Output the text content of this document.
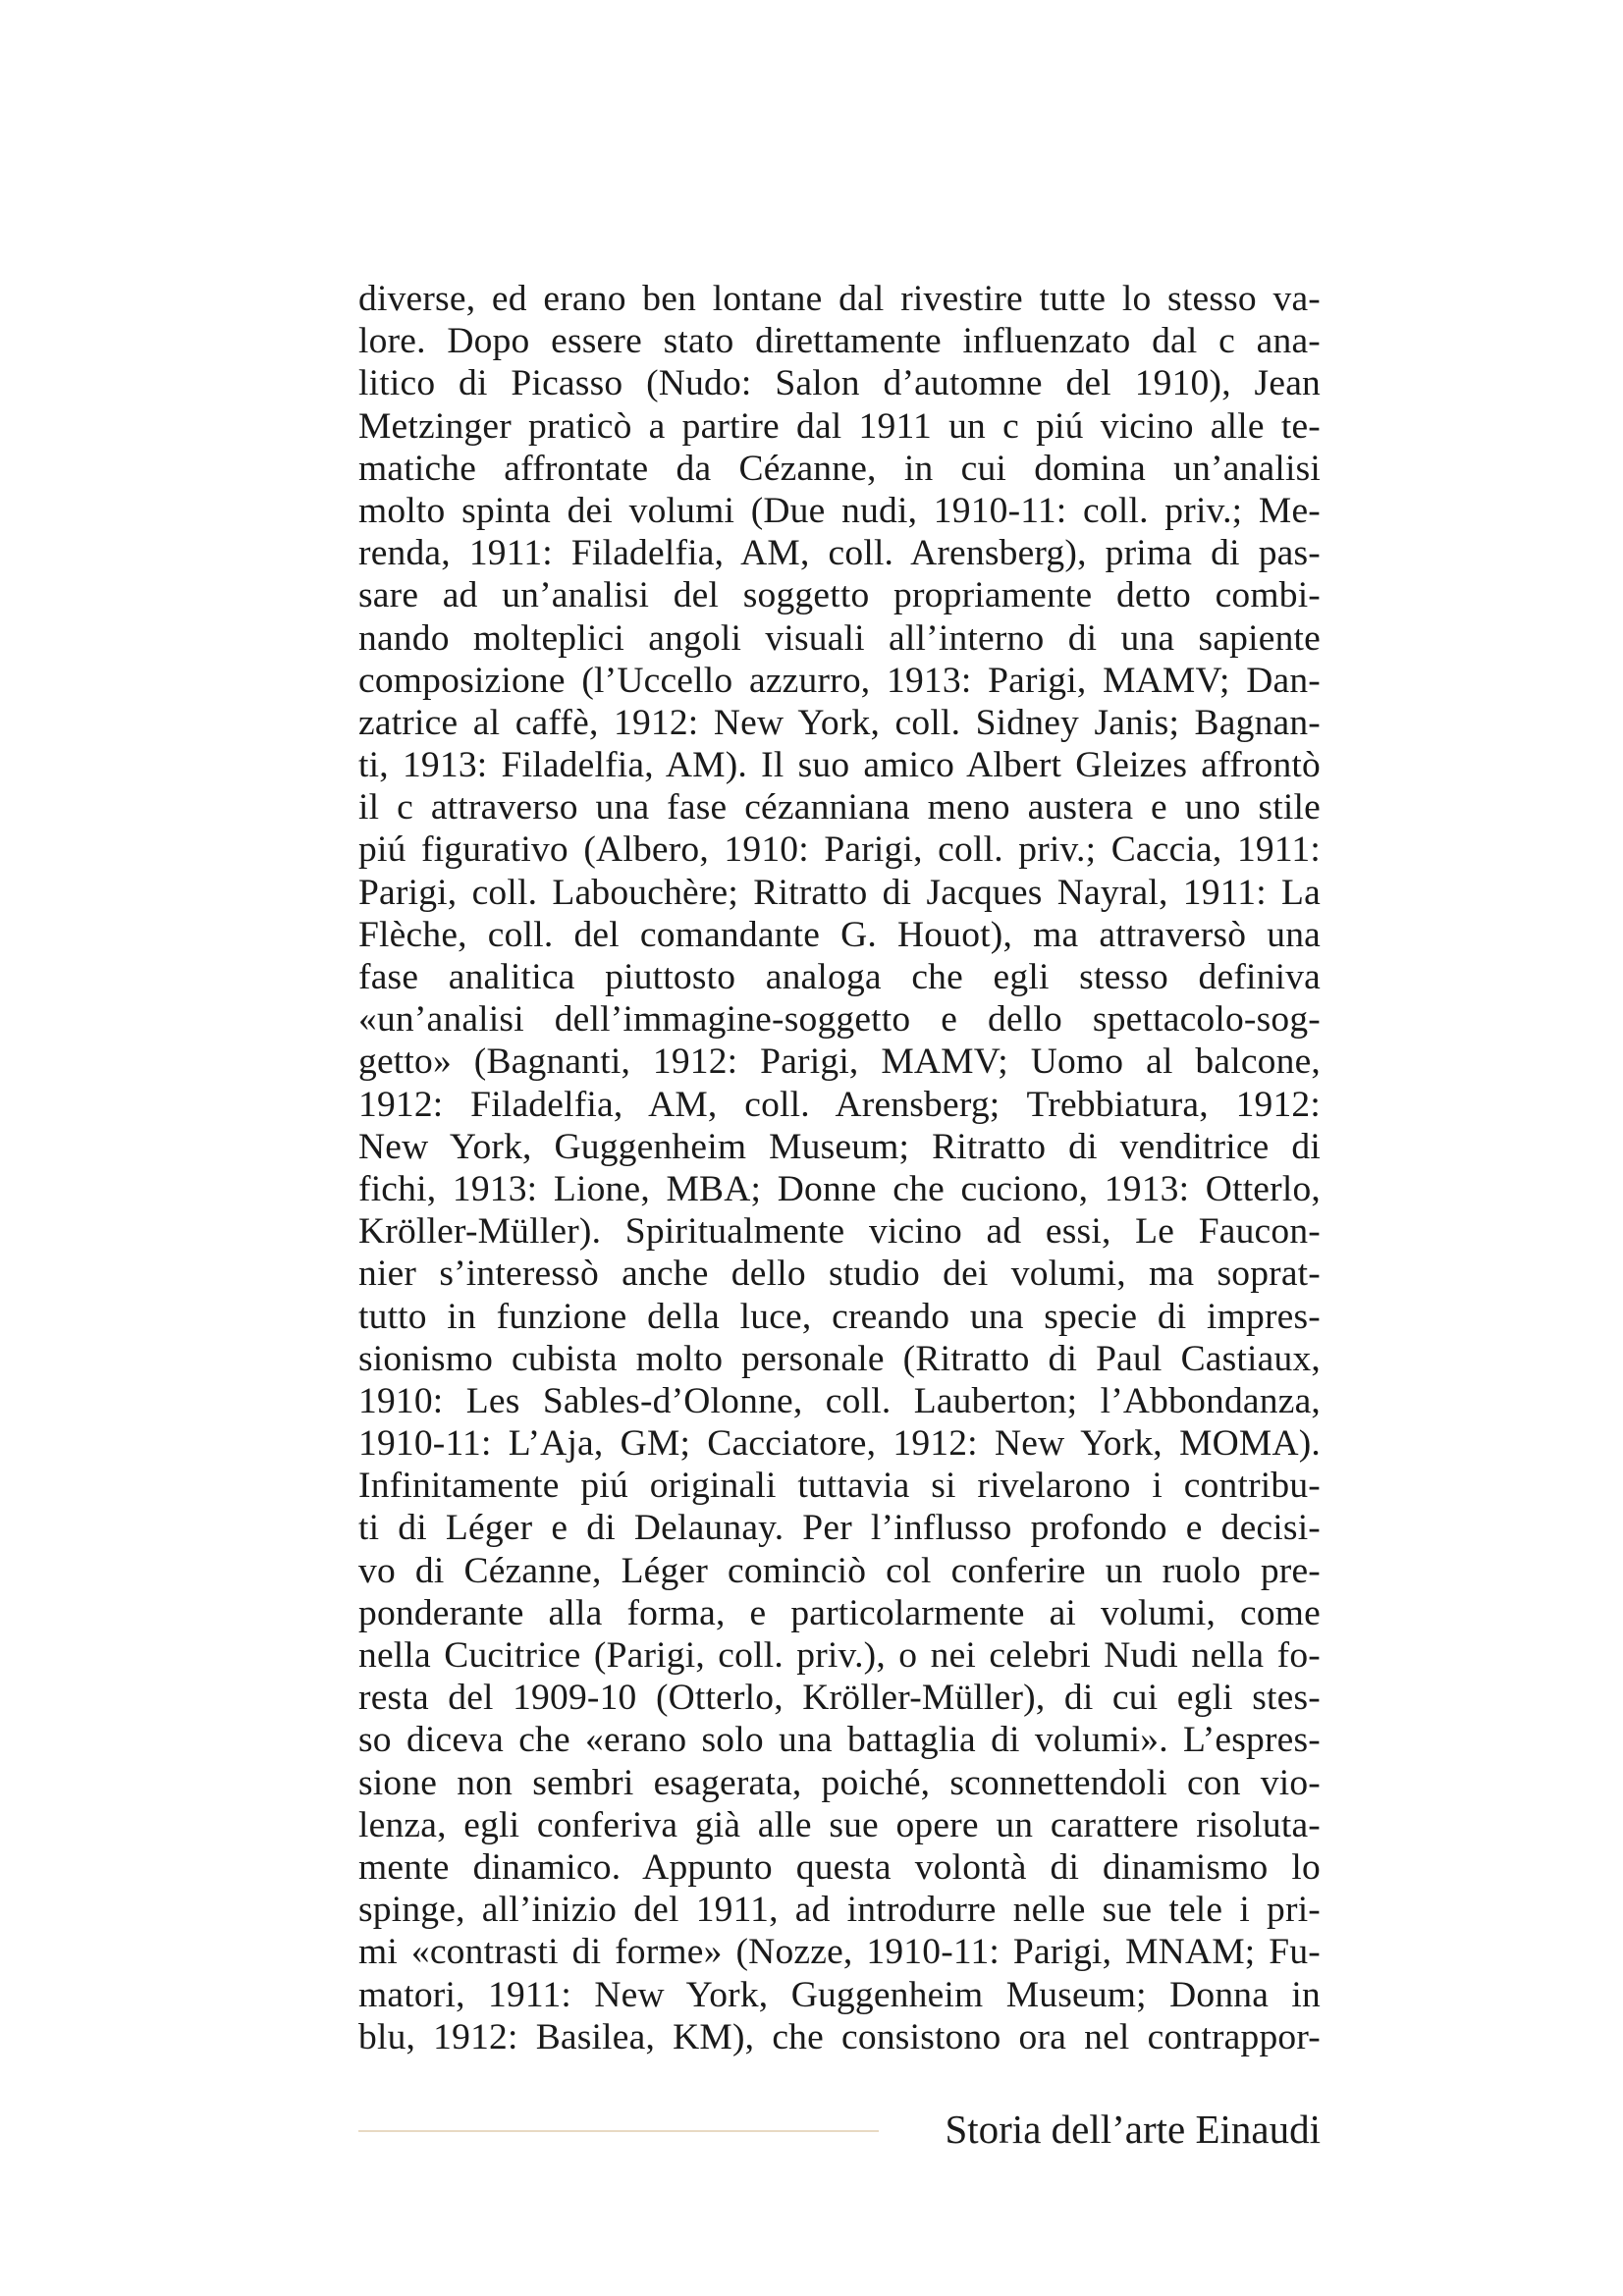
diverse, ed erano ben lontane dal rivestire tutte lo stesso va-
lore. Dopo essere stato direttamente influenzato dal c ana-
litico di Picasso (Nudo: Salon d’automne del 1910), Jean
Metzinger praticò a partire dal 1911 un c piú vicino alle te-
matiche affrontate da Cézanne, in cui domina un’analisi
molto spinta dei volumi (Due nudi, 1910-11: coll. priv.; Me-
renda, 1911: Filadelfia, AM, coll. Arensberg), prima di pas-
sare ad un’analisi del soggetto propriamente detto combi-
nando molteplici angoli visuali all’interno di una sapiente
composizione (l’Uccello azzurro, 1913: Parigi, MAMV; Dan-
zatrice al caffè, 1912: New York, coll. Sidney Janis; Bagnan-
ti, 1913: Filadelfia, AM). Il suo amico Albert Gleizes affrontò
il c attraverso una fase cézanniana meno austera e uno stile
piú figurativo (Albero, 1910: Parigi, coll. priv.; Caccia, 1911:
Parigi, coll. Labouchère; Ritratto di Jacques Nayral, 1911: La
Flèche, coll. del comandante G. Houot), ma attraversò una
fase analitica piuttosto analoga che egli stesso definiva
«un’analisi dell’immagine-soggetto e dello spettacolo-sog-
getto» (Bagnanti, 1912: Parigi, MAMV; Uomo al balcone,
1912: Filadelfia, AM, coll. Arensberg; Trebbiatura, 1912:
New York, Guggenheim Museum; Ritratto di venditrice di
fichi, 1913: Lione, MBA; Donne che cuciono, 1913: Otterlo,
Kröller-Müller). Spiritualmente vicino ad essi, Le Faucon-
nier s’interessò anche dello studio dei volumi, ma soprat-
tutto in funzione della luce, creando una specie di impres-
sionismo cubista molto personale (Ritratto di Paul Castiaux,
1910: Les Sables-d’Olonne, coll. Lauberton; l’Abbondanza,
1910-11: L’Aja, GM; Cacciatore, 1912: New York, MOMA).
Infinitamente piú originali tuttavia si rivelarono i contribu-
ti di Léger e di Delaunay. Per l’influsso profondo e decisi-
vo di Cézanne, Léger cominciò col conferire un ruolo pre-
ponderante alla forma, e particolarmente ai volumi, come
nella Cucitrice (Parigi, coll. priv.), o nei celebri Nudi nella fo-
resta del 1909-10 (Otterlo, Kröller-Müller), di cui egli stes-
so diceva che «erano solo una battaglia di volumi». L’espres-
sione non sembri esagerata, poiché, sconnettendoli con vio-
lenza, egli conferiva già alle sue opere un carattere risoluta-
mente dinamico. Appunto questa volontà di dinamismo lo
spinge, all’inizio del 1911, ad introdurre nelle sue tele i pri-
mi «contrasti di forme» (Nozze, 1910-11: Parigi, MNAM; Fu-
matori, 1911: New York, Guggenheim Museum; Donna in
blu, 1912: Basilea, KM), che consistono ora nel contrappor-
Storia dell’arte Einaudi
